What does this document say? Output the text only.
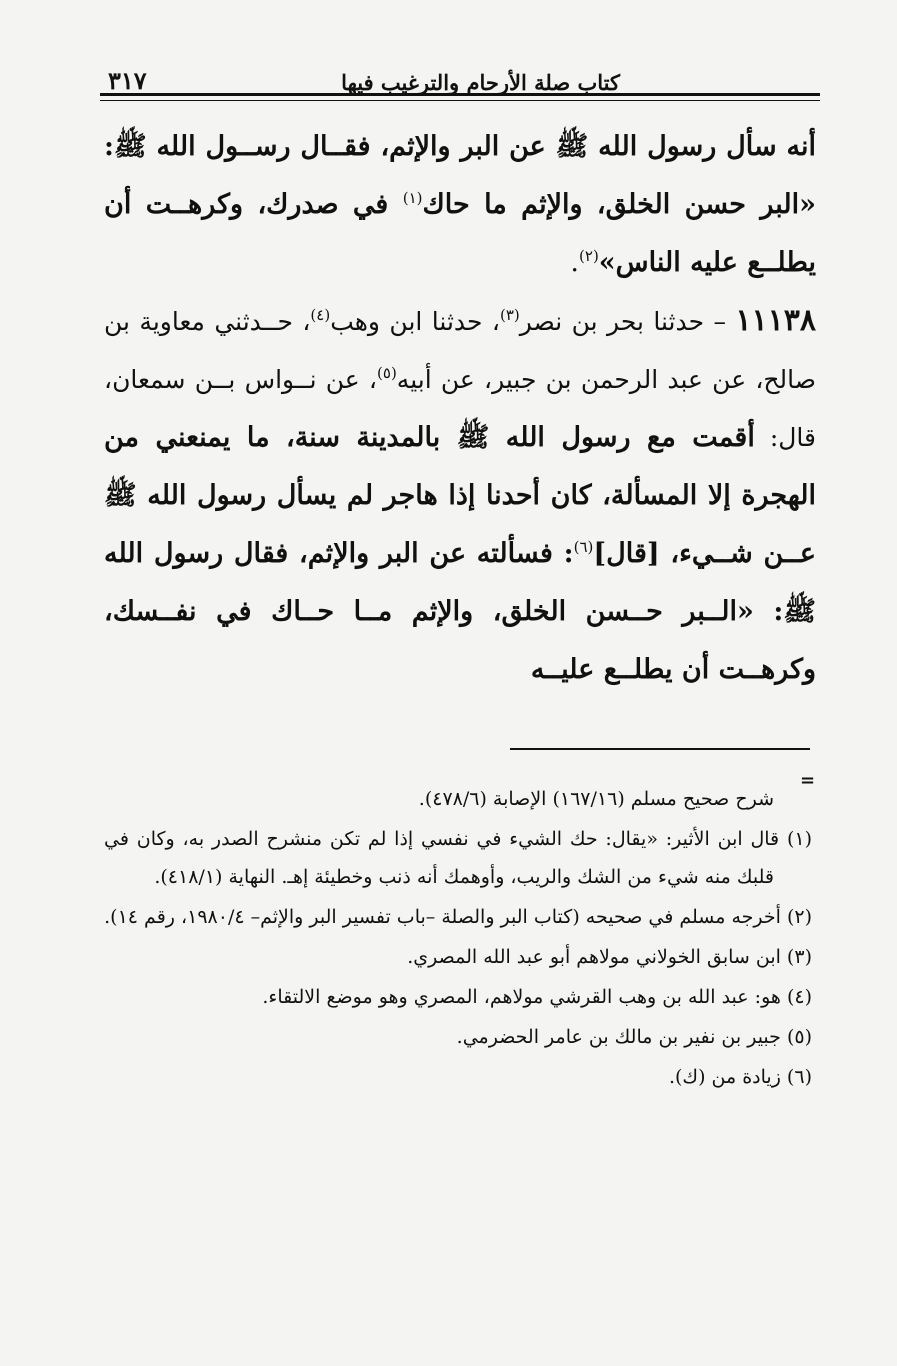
كتاب صلة الأرحام والترغيب فيها
٣١٧

أنه سأل رسول الله ﷺ عن البر والإثم، فقــال رســول الله ﷺ: «البر حسن الخلق، والإثم ما حاك$^{(١)}$ في صدرك، وكرهــت أن يطلــع عليه الناس»$^{(٢)}$.

١١١٣٨ – حدثنا بحر بن نصر$^{(٣)}$، حدثنا ابن وهب$^{(٤)}$، حــدثني معاوية بن صالح، عن عبد الرحمن بن جبير، عن أبيه$^{(٥)}$، عن نــواس بــن سمعان، قال: أقمت مع رسول الله ﷺ بالمدينة سنة، ما يمنعني من الهجرة إلا المسألة، كان أحدنا إذا هاجر لم يسأل رسول الله ﷺ عــن شــيء، [قال]$^{(٦)}$: فسألته عن البر والإثم، فقال رسول الله ﷺ: «الــبر حــسن الخلق، والإثم مــا حــاك في نفــسك، وكرهــت أن يطلــع عليــه

=

شرح صحيح مسلم (١٦٧/١٦) الإصابة (٤٧٨/٦).

(١) قال ابن الأثير: «يقال: حك الشيء في نفسي إذا لم تكن منشرح الصدر به، وكان في قلبك منه شيء من الشك والريب، وأوهمك أنه ذنب وخطيئة إهـ. النهاية (٤١٨/١).

(٢) أخرجه مسلم في صحيحه (كتاب البر والصلة –باب تفسير البر والإثم– ١٩٨٠/٤، رقم ١٤).

(٣) ابن سابق الخولاني مولاهم أبو عبد الله المصري.

(٤) هو: عبد الله بن وهب القرشي مولاهم، المصري وهو موضع الالتقاء.

(٥) جبير بن نفير بن مالك بن عامر الحضرمي.

(٦) زيادة من (ك).
